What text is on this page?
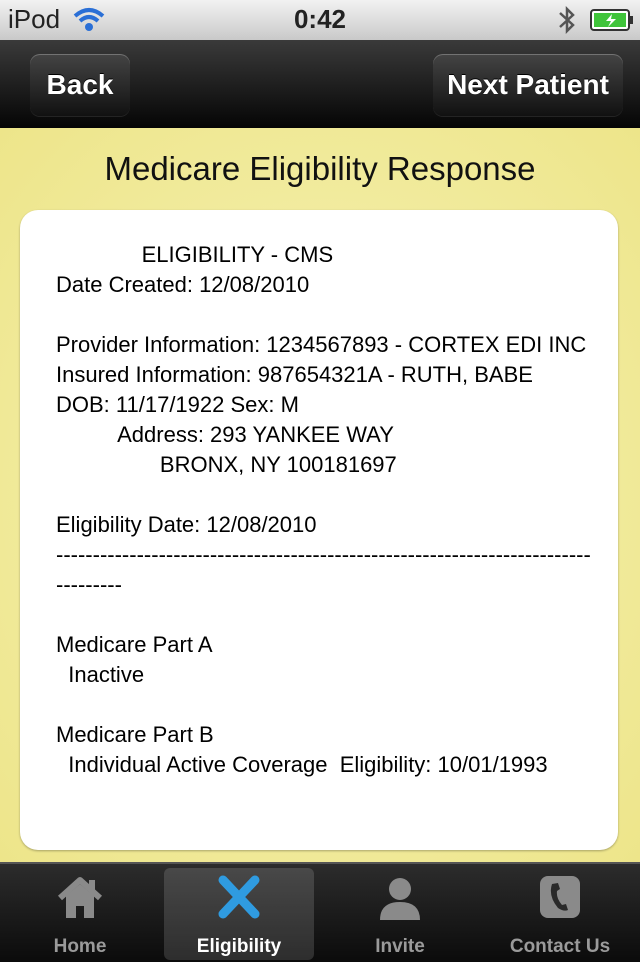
iPod	0:42
Back	Next Patient
Medicare Eligibility Response
ELIGIBILITY - CMS
Date Created: 12/08/2010

Provider Information: 1234567893 - CORTEX EDI INC
Insured Information: 987654321A - RUTH, BABE
DOB: 11/17/1922 Sex: M
Address: 293 YANKEE WAY
BRONX, NY 100181697

Eligibility Date: 12/08/2010
----------------------------------------------------------------------------------

Medicare Part A
Inactive

Medicare Part B
Individual Active Coverage  Eligibility: 10/01/1993
Home	Eligibility	Invite	Contact Us
